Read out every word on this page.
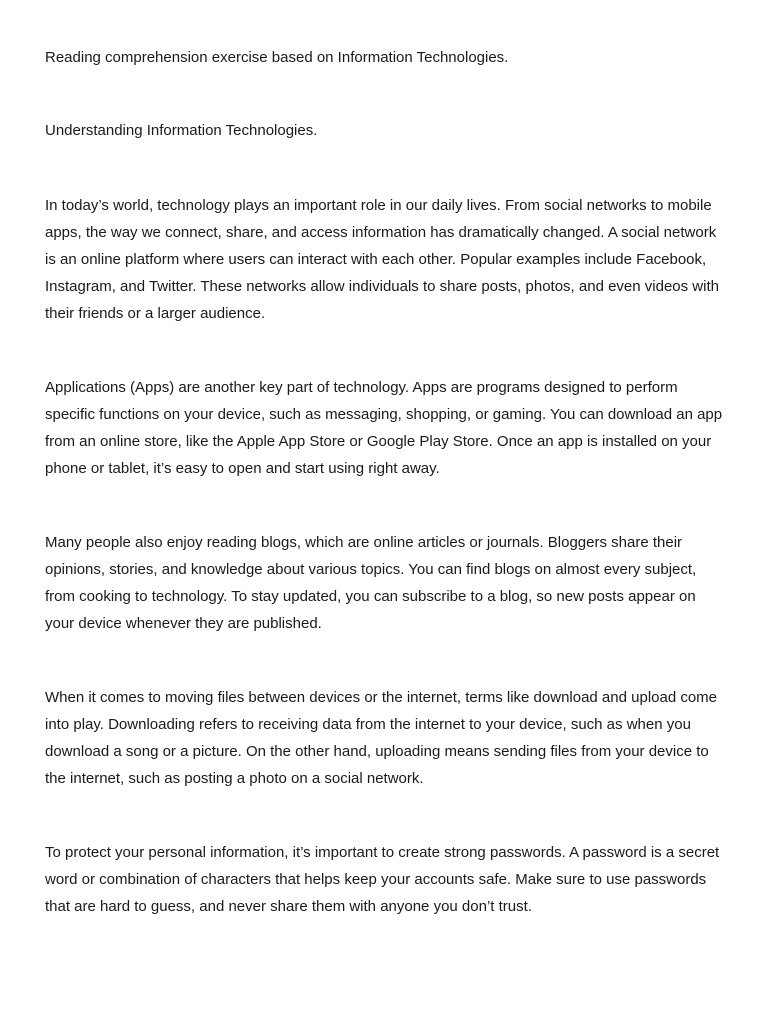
Reading comprehension exercise based on Information Technologies.

Understanding Information Technologies.

In today’s world, technology plays an important role in our daily lives. From social networks to mobile apps, the way we connect, share, and access information has dramatically changed. A social network is an online platform where users can interact with each other. Popular examples include Facebook, Instagram, and Twitter. These networks allow individuals to share posts, photos, and even videos with their friends or a larger audience.

Applications (Apps) are another key part of technology. Apps are programs designed to perform specific functions on your device, such as messaging, shopping, or gaming. You can download an app from an online store, like the Apple App Store or Google Play Store. Once an app is installed on your phone or tablet, it’s easy to open and start using right away.

Many people also enjoy reading blogs, which are online articles or journals. Bloggers share their opinions, stories, and knowledge about various topics. You can find blogs on almost every subject, from cooking to technology. To stay updated, you can subscribe to a blog, so new posts appear on your device whenever they are published.

When it comes to moving files between devices or the internet, terms like download and upload come into play. Downloading refers to receiving data from the internet to your device, such as when you download a song or a picture. On the other hand, uploading means sending files from your device to the internet, such as posting a photo on a social network.

To protect your personal information, it’s important to create strong passwords. A password is a secret word or combination of characters that helps keep your accounts safe. Make sure to use passwords that are hard to guess, and never share them with anyone you don’t trust.
